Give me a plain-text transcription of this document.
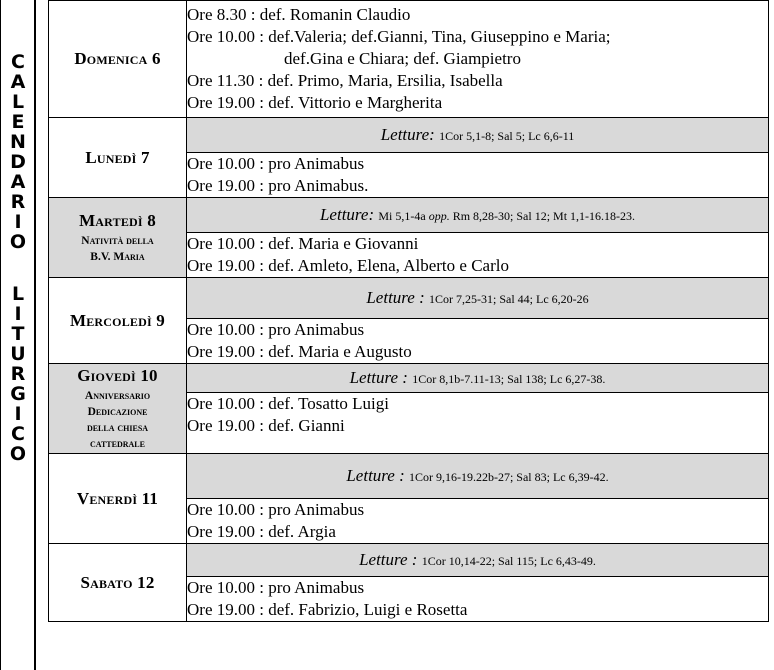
C
A
L
E
N
D
A
R
I
O
L
I
T
U
R
G
I
C
O
Domenica 6	Ore 8.30 : def. Romanin Claudio
Ore 10.00 : def.Valeria; def.Gianni, Tina, Giuseppino e Maria;
def.Gina e Chiara; def. Giampietro
Ore 11.30 : def. Primo, Maria, Ersilia, Isabella
Ore 19.00 : def. Vittorio e Margherita

Lunedì 7	Letture: 1Cor 5,1-8; Sal 5; Lc 6,6-11

	Ore 10.00 : pro Animabus
Ore 19.00 : pro Animabus.

Martedì 8
Natività della
B.V. Maria	Letture: Mi 5,1-4a opp. Rm 8,28-30; Sal 12; Mt 1,1-16.18-23.

	Ore 10.00 : def. Maria e Giovanni
Ore 19.00 : def. Amleto, Elena, Alberto e Carlo

Mercoledì 9	Letture : 1Cor 7,25-31; Sal 44; Lc 6,20-26

	Ore 10.00 : pro Animabus
Ore 19.00 : def. Maria e Augusto

Giovedì 10
Anniversario
Dedicazione
della chiesa
cattedrale	Letture : 1Cor 8,1b-7.11-13; Sal 138; Lc 6,27-38.

	Ore 10.00 : def. Tosatto Luigi
Ore 19.00 : def. Gianni

Venerdì 11	Letture : 1Cor 9,16-19.22b-27; Sal 83; Lc 6,39-42.

	Ore 10.00 : pro Animabus
Ore 19.00 : def. Argia

Sabato 12	Letture : 1Cor 10,14-22; Sal 115; Lc 6,43-49.

	Ore 10.00 : pro Animabus
Ore 19.00 : def. Fabrizio, Luigi e Rosetta
